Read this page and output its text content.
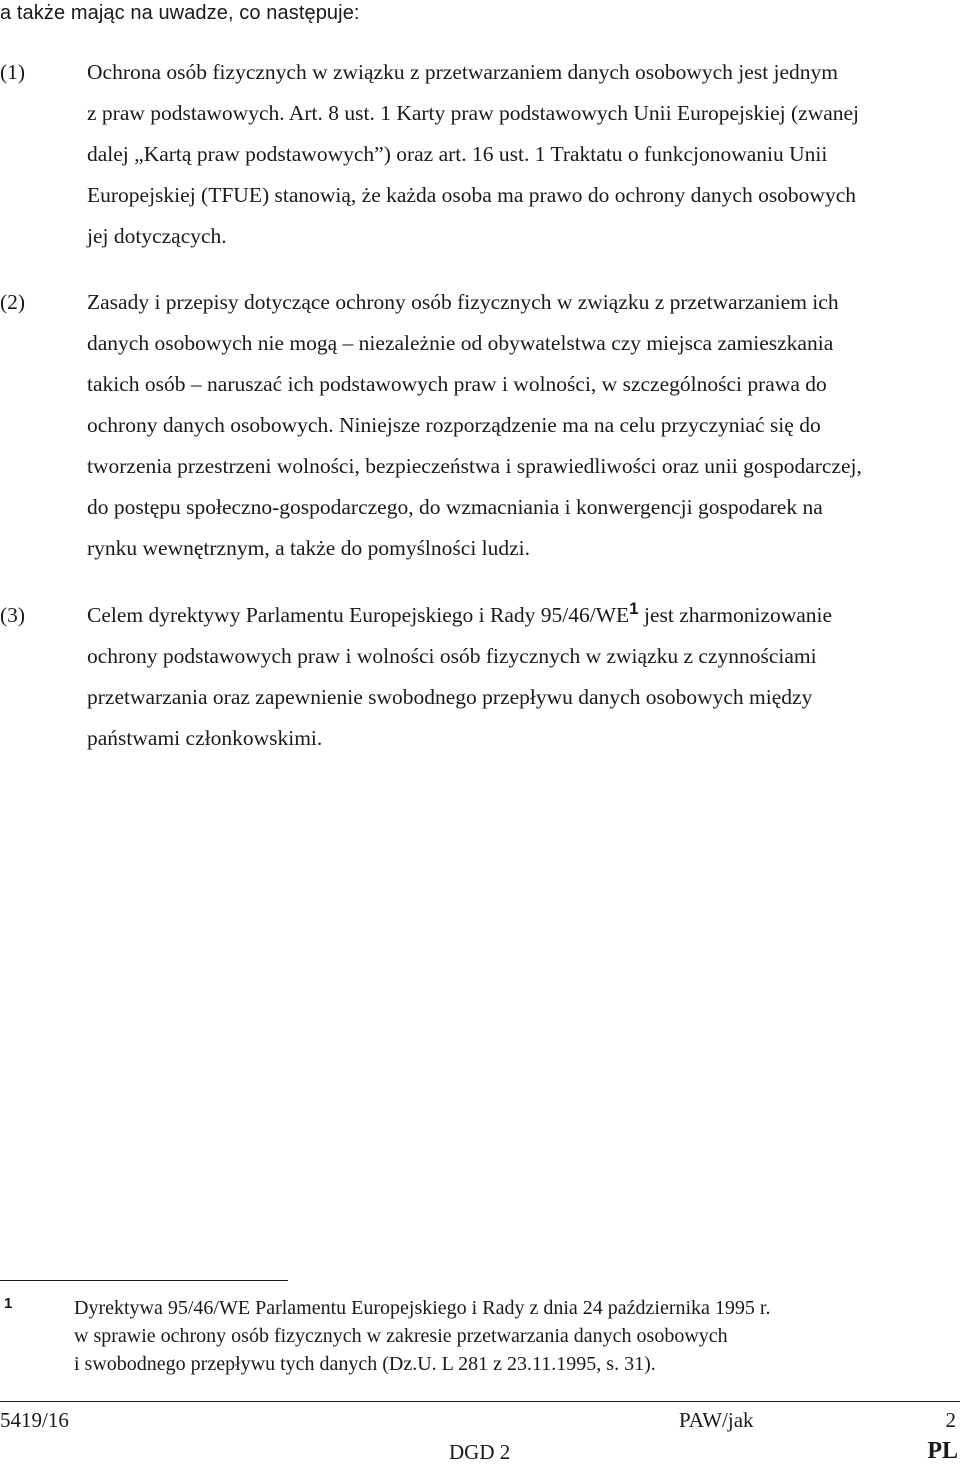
a także mając na uwadze, co następuje:
(1)	Ochrona osób fizycznych w związku z przetwarzaniem danych osobowych jest jednym
z praw podstawowych. Art. 8 ust. 1 Karty praw podstawowych Unii Europejskiej (zwanej
dalej „Kartą praw podstawowych”) oraz art. 16 ust. 1 Traktatu o funkcjonowaniu Unii
Europejskiej (TFUE) stanowią, że każda osoba ma prawo do ochrony danych osobowych
jej dotyczących.
(2)	Zasady i przepisy dotyczące ochrony osób fizycznych w związku z przetwarzaniem ich
danych osobowych nie mogą – niezależnie od obywatelstwa czy miejsca zamieszkania
takich osób – naruszać ich podstawowych praw i wolności, w szczególności prawa do
ochrony danych osobowych. Niniejsze rozporządzenie ma na celu przyczyniać się do
tworzenia przestrzeni wolności, bezpieczeństwa i sprawiedliwości oraz unii gospodarczej,
do postępu społeczno-gospodarczego, do wzmacniania i konwergencji gospodarek na
rynku wewnętrznym, a także do pomyślności ludzi.
(3)	Celem dyrektywy Parlamentu Europejskiego i Rady 95/46/WE$^1$ jest zharmonizowanie
ochrony podstawowych praw i wolności osób fizycznych w związku z czynnościami
przetwarzania oraz zapewnienie swobodnego przepływu danych osobowych między
państwami członkowskimi.
1	Dyrektywa 95/46/WE Parlamentu Europejskiego i Rady z dnia 24 października 1995 r.
w sprawie ochrony osób fizycznych w zakresie przetwarzania danych osobowych
i swobodnego przepływu tych danych (Dz.U. L 281 z 23.11.1995, s. 31).
5419/16	PAW/jak	2
DGD 2	PL
